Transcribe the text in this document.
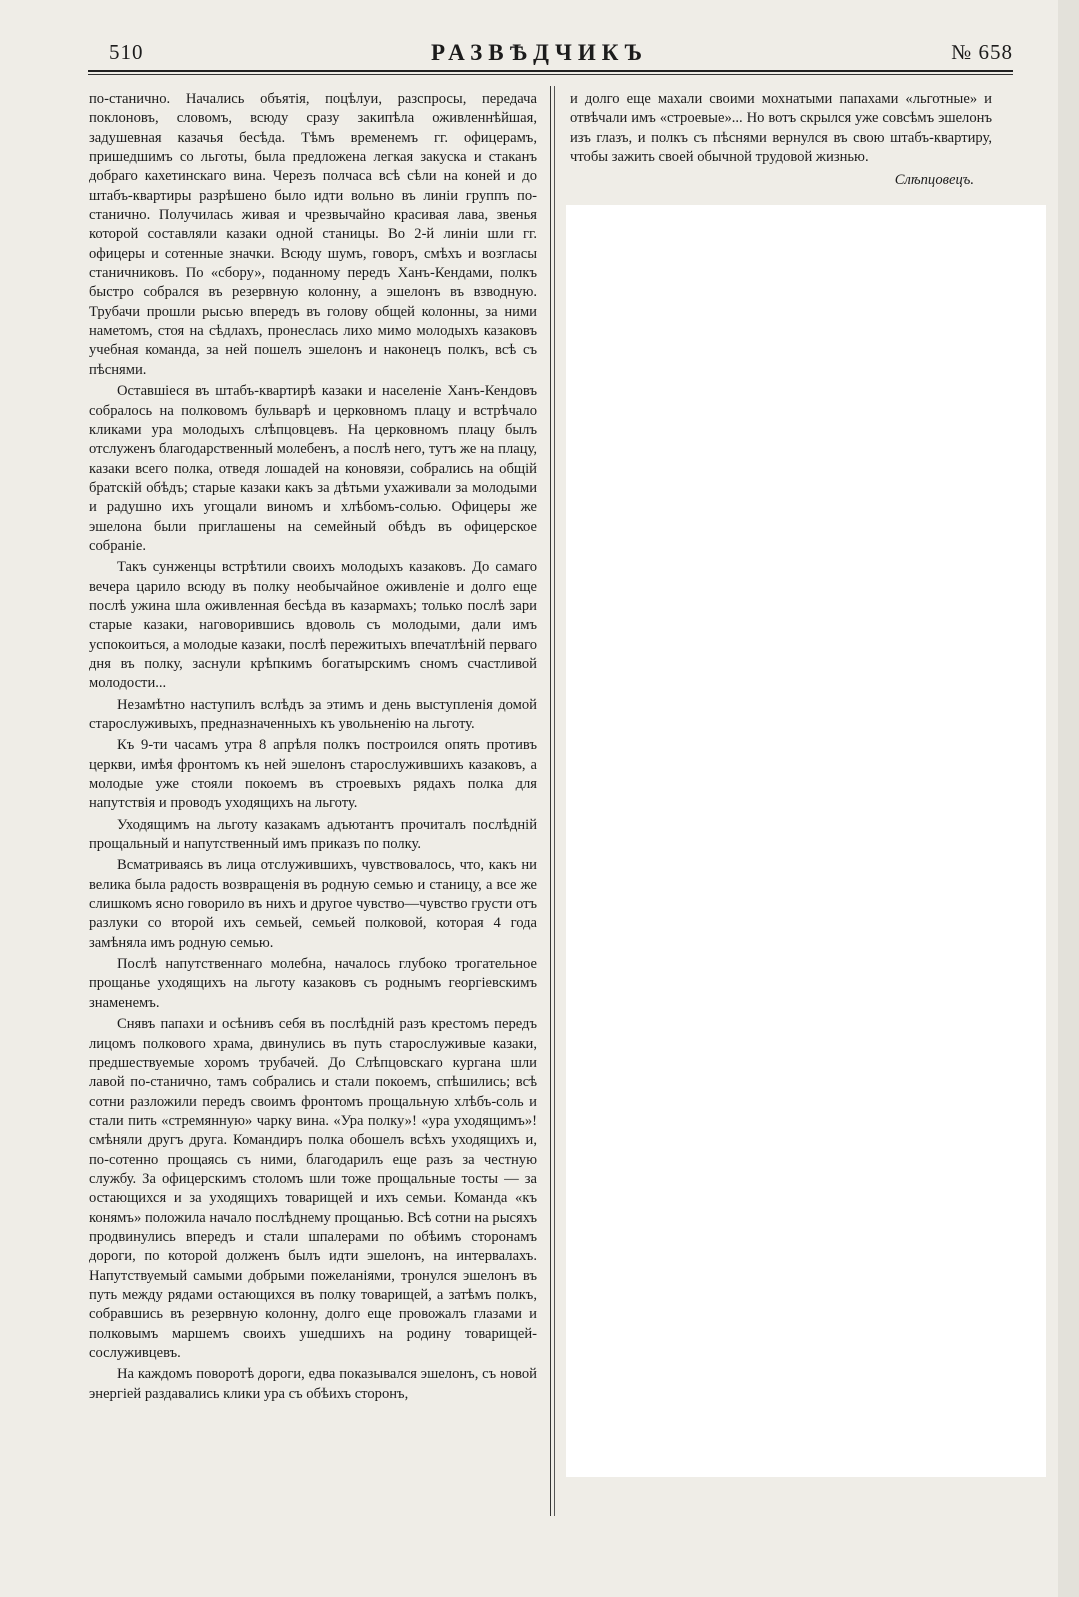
510	РАЗВѢДЧИКЪ	№ 658

по-станично. Начались объятія, поцѣлуи, разспросы, передача поклоновъ, словомъ, всюду сразу закипѣла оживленнѣйшая, задушевная казачья бесѣда. Тѣмъ временемъ гг. офицерамъ, пришедшимъ со льготы, была предложена легкая закуска и стаканъ добраго кахетинскаго вина. Черезъ полчаса всѣ сѣли на коней и до штабъ-квартиры разрѣшено было идти вольно въ линіи группъ по-станично. Получилась живая и чрезвычайно красивая лава, звенья которой составляли казаки одной станицы. Во 2-й линіи шли гг. офицеры и сотенные значки. Всюду шумъ, говоръ, смѣхъ и возгласы станичниковъ. По «сбору», поданному передъ Ханъ-Кендами, полкъ быстро собрался въ резервную колонну, а эшелонъ въ взводную. Трубачи прошли рысью впередъ въ голову общей колонны, за ними наметомъ, стоя на сѣдлахъ, пронеслась лихо мимо молодыхъ казаковъ учебная команда, за ней пошелъ эшелонъ и наконецъ полкъ, всѣ съ пѣснями.

Оставшіеся въ штабъ-квартирѣ казаки и населеніе Ханъ-Кендовъ собралось на полковомъ бульварѣ и церковномъ плацу и встрѣчало кликами ура молодыхъ слѣпцовцевъ. На церковномъ плацу былъ отслуженъ благодарственный молебенъ, а послѣ него, тутъ же на плацу, казаки всего полка, отведя лошадей на коновязи, собрались на общій братскій обѣдъ; старые казаки какъ за дѣтьми ухаживали за молодыми и радушно ихъ угощали виномъ и хлѣбомъ-солью. Офицеры же эшелона были приглашены на семейный обѣдъ въ офицерское собраніе.

Такъ сунженцы встрѣтили своихъ молодыхъ казаковъ. До самаго вечера царило всюду въ полку необычайное оживленіе и долго еще послѣ ужина шла оживленная бесѣда въ казармахъ; только послѣ зари старые казаки, наговорившись вдоволь съ молодыми, дали имъ успокоиться, а молодые казаки, послѣ пережитыхъ впечатлѣній перваго дня въ полку, заснули крѣпкимъ богатырскимъ сномъ счастливой молодости...

Незамѣтно наступилъ вслѣдъ за этимъ и день выступленія домой старослуживыхъ, предназначенныхъ къ увольненію на льготу.

Къ 9-ти часамъ утра 8 апрѣля полкъ построился опять противъ церкви, имѣя фронтомъ къ ней эшелонъ старослужившихъ казаковъ, а молодые уже стояли покоемъ въ строевыхъ рядахъ полка для напутствія и проводъ уходящихъ на льготу.

Уходящимъ на льготу казакамъ адъютантъ прочиталъ послѣдній прощальный и напутственный имъ приказъ по полку.

Всматриваясь въ лица отслужившихъ, чувствовалось, что, какъ ни велика была радость возвращенія въ родную семью и станицу, а все же слишкомъ ясно говорило въ нихъ и другое чувство—чувство грусти отъ разлуки со второй ихъ семьей, семьей полковой, которая 4 года замѣняла имъ родную семью.

Послѣ напутственнаго молебна, началось глубоко трогательное прощанье уходящихъ на льготу казаковъ съ роднымъ георгіевскимъ знаменемъ.

Снявъ папахи и осѣнивъ себя въ послѣдній разъ крестомъ передъ лицомъ полкового храма, двинулись въ путь старослуживые казаки, предшествуемые хоромъ трубачей. До Слѣпцовскаго кургана шли лавой по-станично, тамъ собрались и стали покоемъ, спѣшились; всѣ сотни разложили передъ своимъ фронтомъ прощальную хлѣбъ-соль и стали пить «стремянную» чарку вина. «Ура полку»! «ура уходящимъ»! смѣняли другъ друга. Командиръ полка обошелъ всѣхъ уходящихъ и, по-сотенно прощаясь съ ними, благодарилъ еще разъ за честную службу. За офицерскимъ столомъ шли тоже прощальные тосты — за остающихся и за уходящихъ товарищей и ихъ семьи. Команда «къ конямъ» положила начало послѣднему прощанью. Всѣ сотни на рысяхъ продвинулись впередъ и стали шпалерами по обѣимъ сторонамъ дороги, по которой долженъ былъ идти эшелонъ, на интервалахъ. Напутствуемый самыми добрыми пожеланіями, тронулся эшелонъ въ путь между рядами остающихся въ полку товарищей, а затѣмъ полкъ, собравшись въ резервную колонну, долго еще провожалъ глазами и полковымъ маршемъ своихъ ушедшихъ на родину товарищей-сослуживцевъ.

На каждомъ поворотѣ дороги, едва показывался эшелонъ, съ новой энергіей раздавались клики ура съ обѣихъ сторонъ,

и долго еще махали своими мохнатыми папахами «льготные» и отвѣчали имъ «строевые»... Но вотъ скрылся уже совсѣмъ эшелонъ изъ глазъ, и полкъ съ пѣснями вернулся въ свою штабъ-квартиру, чтобы зажить своей обычной трудовой жизнью.

Слѣпцовецъ.
